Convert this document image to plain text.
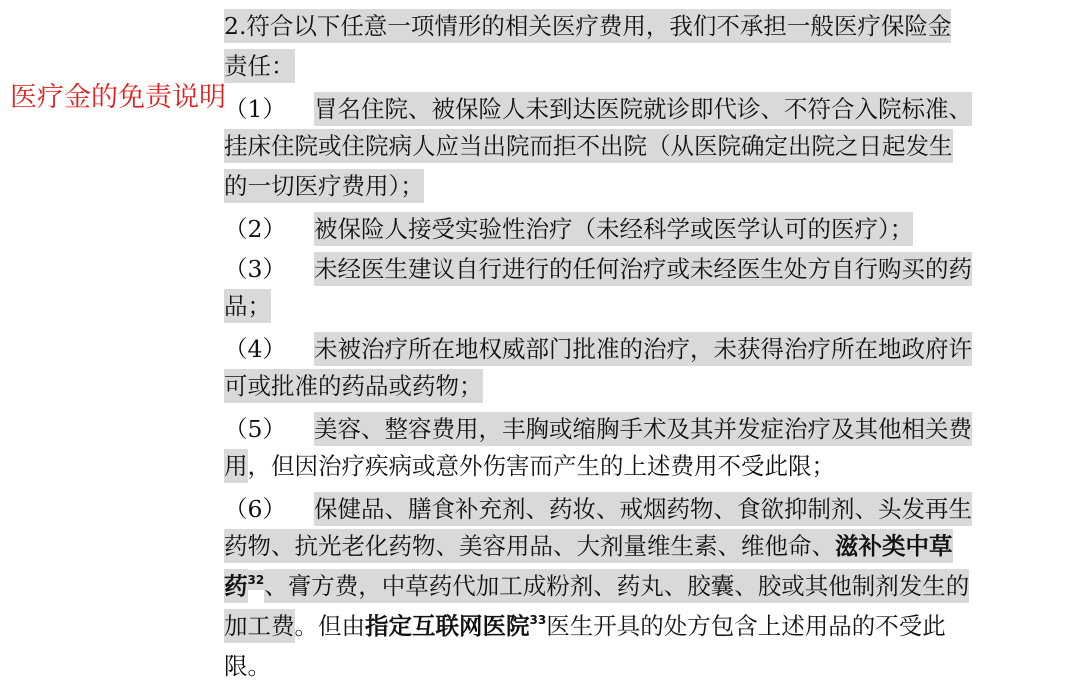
医疗金的免责说明
2.符合以下任意一项情形的相关医疗费用，我们不承担一般医疗保险金
责任：
（1） 冒名住院、被保险人未到达医院就诊即代诊、不符合入院标准、
挂床住院或住院病人应当出院而拒不出院（从医院确定出院之日起发生
的一切医疗费用）；
（2） 被保险人接受实验性治疗（未经科学或医学认可的医疗）；
（3） 未经医生建议自行进行的任何治疗或未经医生处方自行购买的药
品；
（4） 未被治疗所在地权威部门批准的治疗，未获得治疗所在地政府许
可或批准的药品或药物；
（5） 美容、整容费用，丰胸或缩胸手术及其并发症治疗及其他相关费
用，但因治疗疾病或意外伤害而产生的上述费用不受此限；
（6） 保健品、膳食补充剂、药妆、戒烟药物、食欲抑制剂、头发再生
药物、抗光老化药物、美容用品、大剂量维生素、维他命、滋补类中草
药$^{32}$、膏方费，中草药代加工成粉剂、药丸、胶囊、胶或其他制剂发生的
加工费。但由指定互联网医院$^{33}$医生开具的处方包含上述用品的不受此
限。
